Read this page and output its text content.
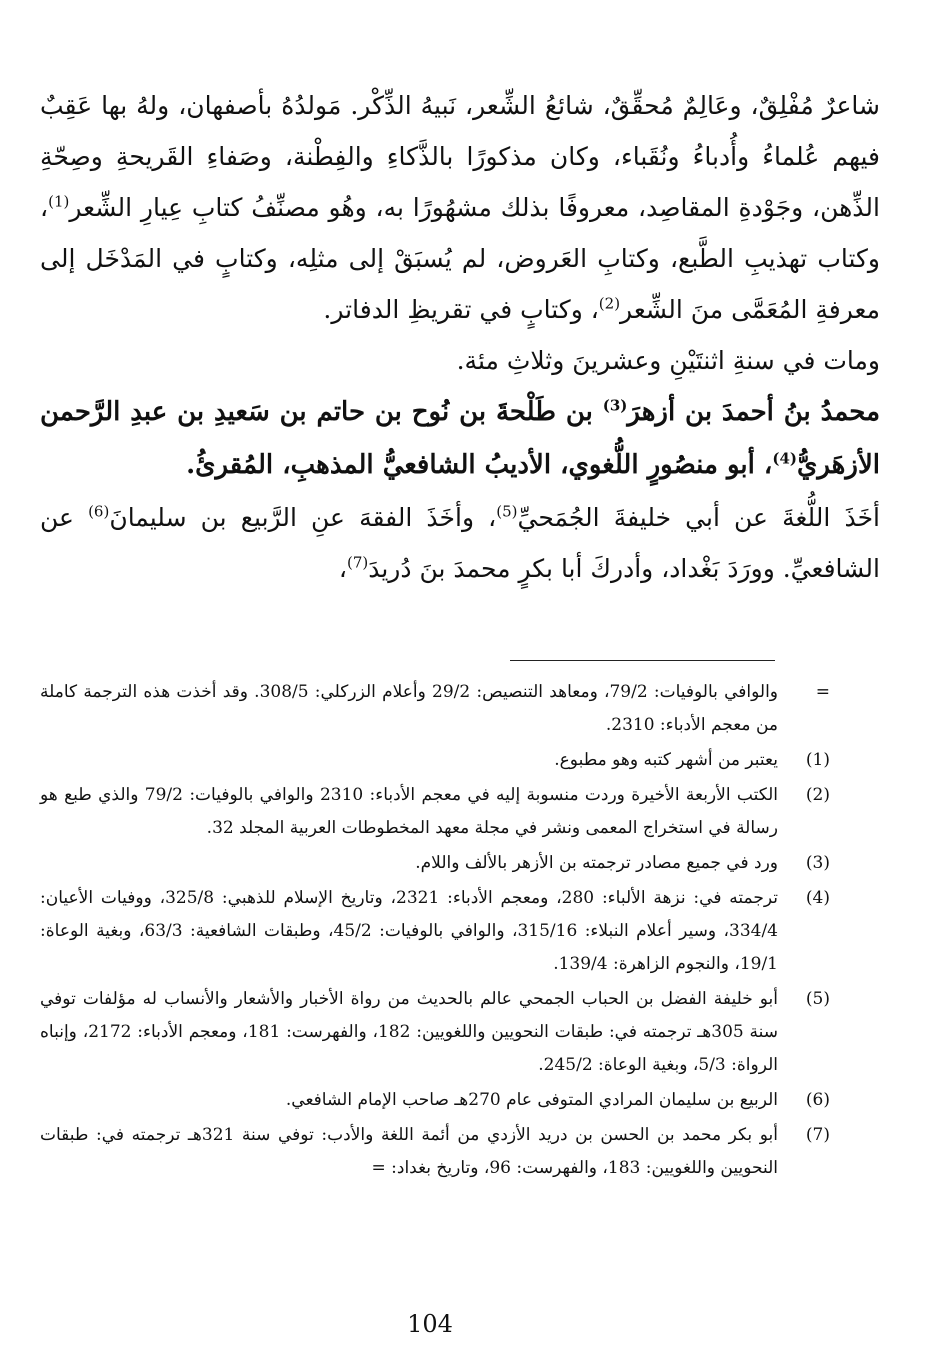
شاعرٌ مُفْلِقٌ، وعَالِمٌ مُحقِّقٌ، شائعُ الشِّعر، نَبيهُ الذِّكْر. مَولدُهُ بأصفهان، ولهُ بها عَقِبٌ فيهم عُلماءُ وأُدباءُ ونُقَباء، وكان مذكورًا بالذَّكاءِ والفِطْنة، وصَفاءِ القَريحةِ وصِحّةِ الذِّهن، وجَوْدةِ المقاصِد، معروفًا بذلك مشهُورًا به، وهُو مصنِّفُ كتابِ عِيارِ الشِّعر$^{(1)}$، وكتاب تهذيبِ الطَّبع، وكتابِ العَروض، لم يُسبَقْ إلى مثلِه، وكتابٍ في المَدْخَل إلى معرفةِ المُعَمَّى منَ الشِّعر$^{(2)}$، وكتابٍ في تقريظِ الدفاتر.

ومات في سنةِ اثنتَيْنِ وعشرينَ وثلاثِ مئة.

محمدُ بنُ أحمدَ بن أزهرَ$^{(3)}$ بن طَلْحةَ بن نُوح بن حاتم بن سَعيدِ بن عبدِ الرَّحمن الأزهَريُّ$^{(4)}$، أبو منصُورٍ اللُّغوي، الأديبُ الشافعيُّ المذهبِ، المُقرئُ.

أخَذَ اللُّغةَ عن أبي خليفةَ الجُمَحيِّ$^{(5)}$، وأخَذَ الفقهَ عنِ الرَّبيع بن سليمانَ$^{(6)}$ عن الشافعيِّ. وورَدَ بَغْداد، وأدركَ أبا بكرٍ محمدَ بنَ دُريدَ$^{(7)}$،

=
والوافي بالوفيات: 79/2، ومعاهد التنصيص: 29/2 وأعلام الزركلي: 308/5. وقد أخذت هذه الترجمة كاملة من معجم الأدباء: 2310.
(1)
يعتبر من أشهر كتبه وهو مطبوع.
(2)
الكتب الأربعة الأخيرة وردت منسوبة إليه في معجم الأدباء: 2310 والوافي بالوفيات: 79/2 والذي طبع هو رسالة في استخراج المعمى ونشر في مجلة معهد المخطوطات العربية المجلد 32.
(3)
ورد في جميع مصادر ترجمته بن الأزهر بالألف واللام.
(4)
ترجمته في: نزهة الألباء: 280، ومعجم الأدباء: 2321، وتاريخ الإسلام للذهبي: 325/8، ووفيات الأعيان: 334/4، وسير أعلام النبلاء: 315/16، والوافي بالوفيات: 45/2، وطبقات الشافعية: 63/3، وبغية الوعاة: 19/1، والنجوم الزاهرة: 139/4.
(5)
أبو خليفة الفضل بن الحباب الجمحي عالم بالحديث من رواة الأخبار والأشعار والأنساب له مؤلفات توفي سنة 305هـ ترجمته في: طبقات النحويين واللغويين: 182، والفهرست: 181، ومعجم الأدباء: 2172، وإنباه الرواة: 5/3، وبغية الوعاة: 245/2.
(6)
الربيع بن سليمان المرادي المتوفى عام 270هـ صاحب الإمام الشافعي.
(7)
أبو بكر محمد بن الحسن بن دريد الأزدي من أئمة اللغة والأدب: توفي سنة 321هـ ترجمته في: طبقات النحويين واللغويين: 183، والفهرست: 96، وتاريخ بغداد: =
104
